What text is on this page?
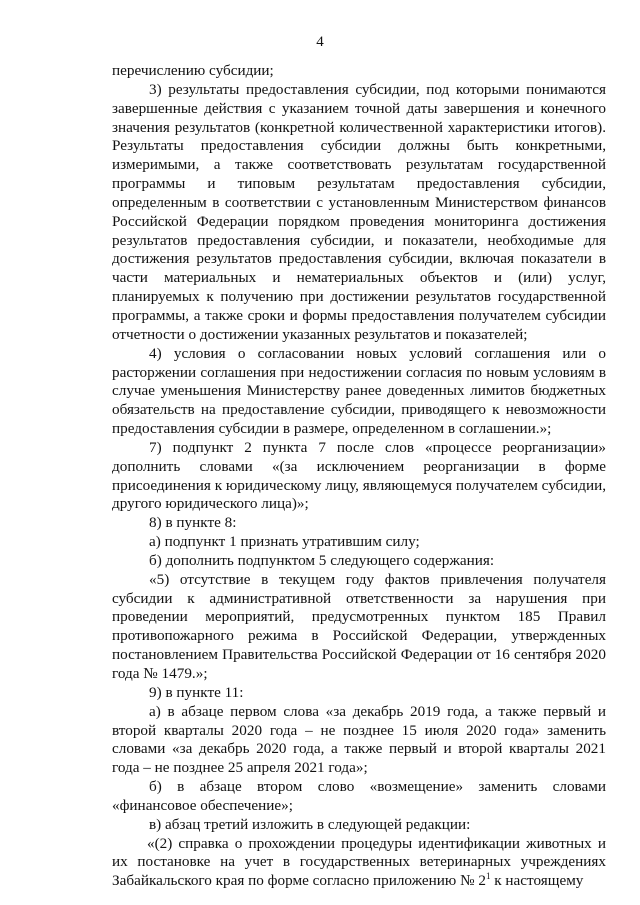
4

перечислению субсидии;

3) результаты предоставления субсидии, под которыми понимаются завершенные действия с указанием точной даты завершения и конечного значения результатов (конкретной количественной характеристики итогов). Результаты предоставления субсидии должны быть конкретными, измеримыми, а также соответствовать результатам государственной программы и типовым результатам предоставления субсидии, определенным в соответствии с установленным Министерством финансов Российской Федерации порядком проведения мониторинга достижения результатов предоставления субсидии, и показатели, необходимые для достижения результатов предоставления субсидии, включая показатели в части материальных и нематериальных объектов и (или) услуг, планируемых к получению при достижении результатов государственной программы, а также сроки и формы предоставления получателем субсидии отчетности о достижении указанных результатов и показателей;

4) условия о согласовании новых условий соглашения или о расторжении соглашения при недостижении согласия по новым условиям в случае уменьшения Министерству ранее доведенных лимитов бюджетных обязательств на предоставление субсидии, приводящего к невозможности предоставления субсидии в размере, определенном в соглашении.»;

7) подпункт 2 пункта 7 после слов «процессе реорганизации» дополнить словами «(за исключением реорганизации в форме присоединения к юридическому лицу, являющемуся получателем субсидии, другого юридического лица)»;

8) в пункте 8:

а) подпункт 1 признать утратившим силу;

б) дополнить подпунктом 5 следующего содержания:

«5) отсутствие в текущем году фактов привлечения получателя субсидии к административной ответственности за нарушения при проведении мероприятий, предусмотренных пунктом 185 Правил противопожарного режима в Российской Федерации, утвержденных постановлением Правительства Российской Федерации от 16 сентября 2020 года № 1479.»;

9) в пункте 11:

а) в абзаце первом слова «за декабрь 2019 года, а также первый и второй кварталы 2020 года – не позднее 15 июля 2020 года» заменить словами «за декабрь 2020 года, а также первый и второй кварталы 2021 года – не позднее 25 апреля 2021 года»;

б) в абзаце втором слово «возмещение» заменить словами «финансовое обеспечение»;

в) абзац третий изложить в следующей редакции:

«(2) справка о прохождении процедуры идентификации животных и их постановке на учет в государственных ветеринарных учреждениях Забайкальского края по форме согласно приложению № $2^1$ к настоящему
